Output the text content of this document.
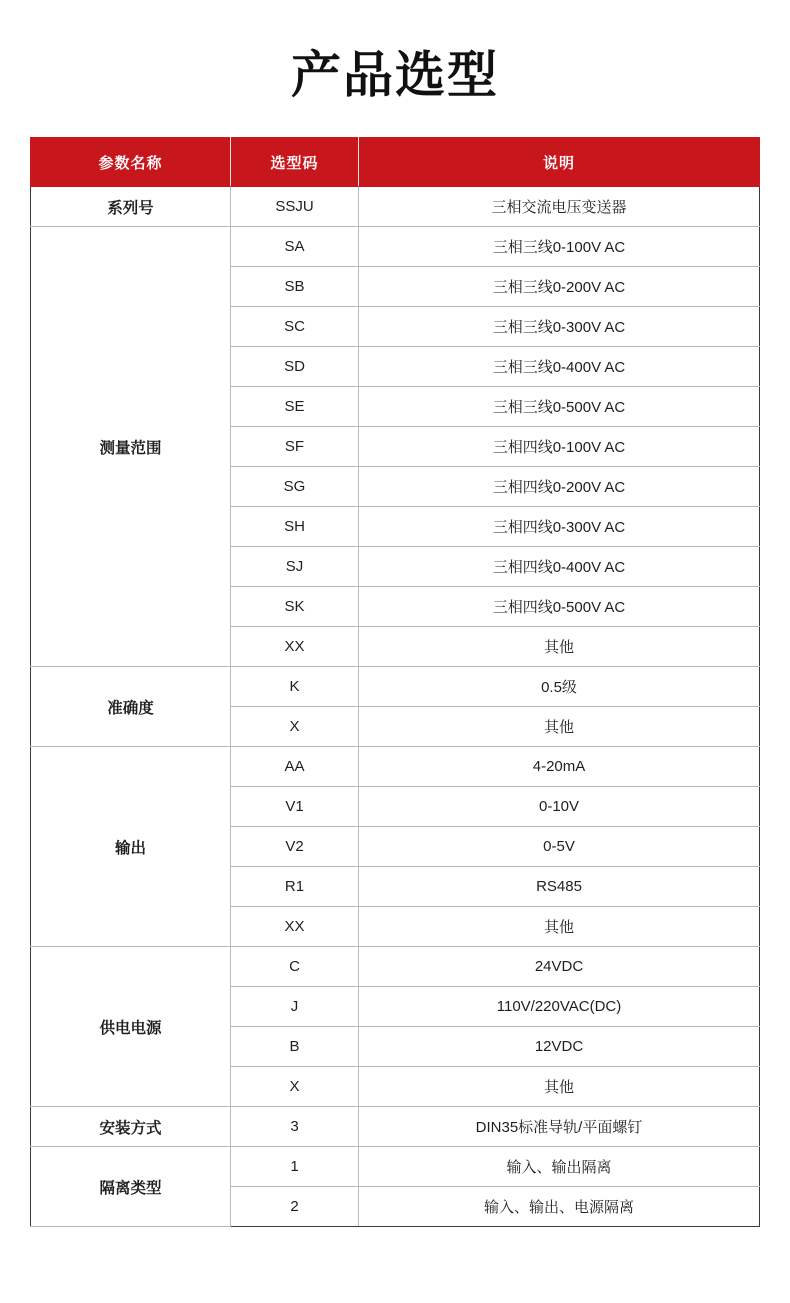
产品选型
参数名称	选型码	说明
系列号	SSJU	三相交流电压变送器
测量范围	SA	三相三线0-100V AC
	SB	三相三线0-200V AC
	SC	三相三线0-300V AC
	SD	三相三线0-400V AC
	SE	三相三线0-500V AC
	SF	三相四线0-100V AC
	SG	三相四线0-200V AC
	SH	三相四线0-300V AC
	SJ	三相四线0-400V AC
	SK	三相四线0-500V AC
	XX	其他
准确度	K	0.5级
	X	其他
输出	AA	4-20mA
	V1	0-10V
	V2	0-5V
	R1	RS485
	XX	其他
供电电源	C	24VDC
	J	110V/220VAC(DC)
	B	12VDC
	X	其他
安装方式	3	DIN35标准导轨/平面螺钉
隔离类型	1	输入、输出隔离
	2	输入、输出、电源隔离
